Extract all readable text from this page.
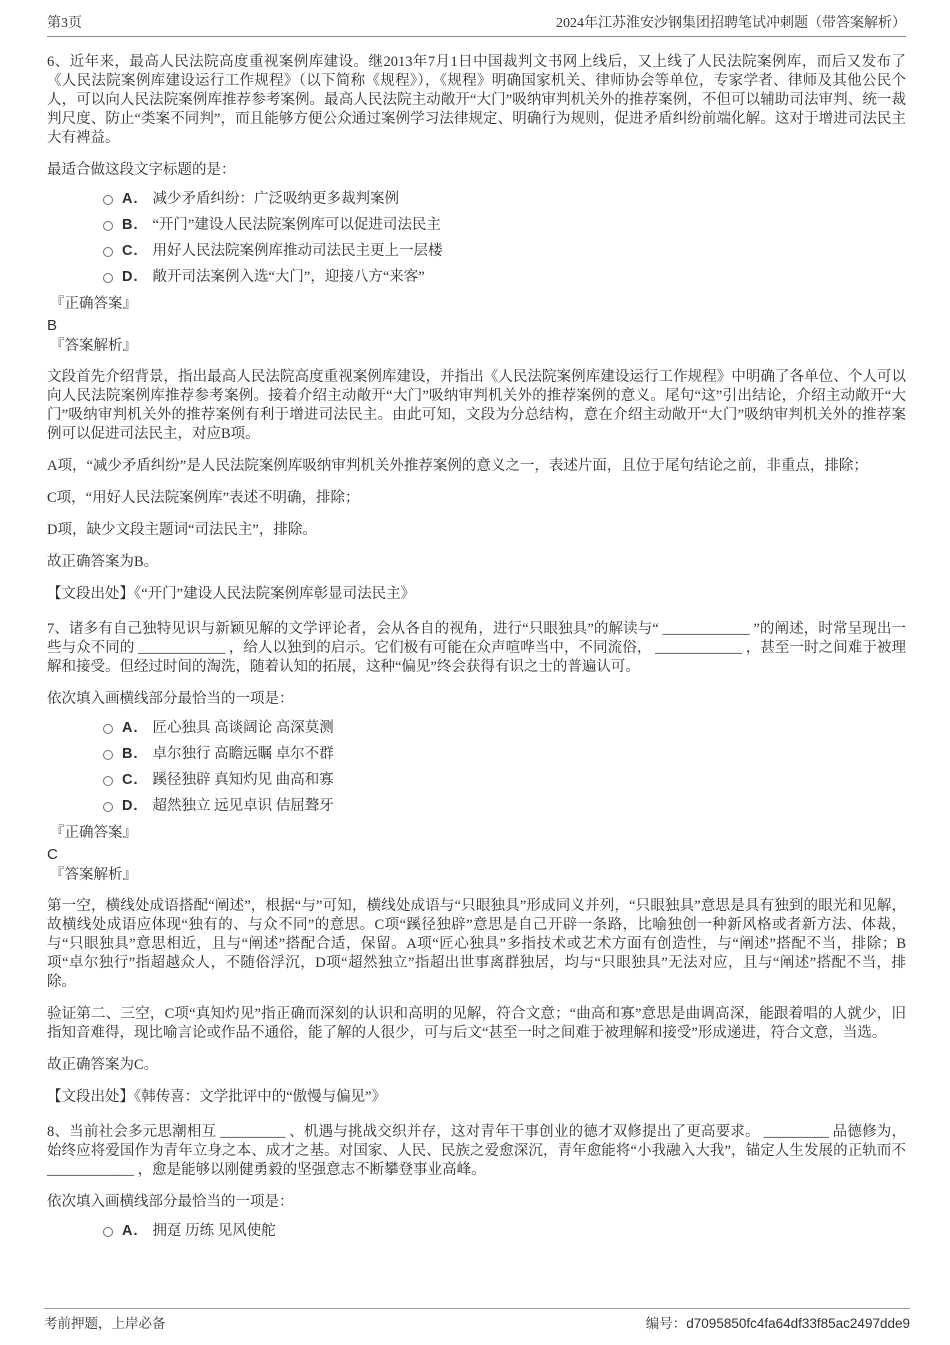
第3页	2024年江苏淮安沙钢集团招聘笔试冲刺题（带答案解析）

6、近年来，最高人民法院高度重视案例库建设。继2013年7月1日中国裁判文书网上线后，又上线了人民法院案例库，而后又发布了《人民法院案例库建设运行工作规程》（以下简称《规程》），《规程》明确国家机关、律师协会等单位，专家学者、律师及其他公民个人，可以向人民法院案例库推荐参考案例。最高人民法院主动敞开“大门”吸纳审判机关外的推荐案例，不但可以辅助司法审判、统一裁判尺度、防止“类案不同判”，而且能够方便公众通过案例学习法律规定、明确行为规则，促进矛盾纠纷前端化解。这对于增进司法民主大有裨益。

最适合做这段文字标题的是：

A. 减少矛盾纠纷：广泛吸纳更多裁判案例
B. “开门”建设人民法院案例库可以促进司法民主
C. 用好人民法院案例库推动司法民主更上一层楼
D. 敞开司法案例入选“大门”，迎接八方“来客”

『正确答案』

B

『答案解析』

文段首先介绍背景，指出最高人民法院高度重视案例库建设，并指出《人民法院案例库建设运行工作规程》中明确了各单位、个人可以向人民法院案例库推荐参考案例。接着介绍主动敞开“大门”吸纳审判机关外的推荐案例的意义。尾句“这”引出结论，介绍主动敞开“大门”吸纳审判机关外的推荐案例有利于增进司法民主。由此可知，文段为分总结构，意在介绍主动敞开“大门”吸纳审判机关外的推荐案例可以促进司法民主，对应B项。

A项，“减少矛盾纠纷”是人民法院案例库吸纳审判机关外推荐案例的意义之一，表述片面，且位于尾句结论之前，非重点，排除；

C项，“用好人民法院案例库”表述不明确，排除；

D项，缺少文段主题词“司法民主”，排除。

故正确答案为B。

【文段出处】《“开门”建设人民法院案例库彰显司法民主》

7、诸多有自己独特见识与新颖见解的文学评论者，会从各自的视角，进行“只眼独具”的解读与“ ____________ ”的阐述，时常呈现出一些与众不同的 ____________ ，给人以独到的启示。它们极有可能在众声喧哗当中，不同流俗， ____________ ，甚至一时之间难于被理解和接受。但经过时间的淘洗，随着认知的拓展，这种“偏见”终会获得有识之士的普遍认可。

依次填入画横线部分最恰当的一项是：

A. 匠心独具 高谈阔论 高深莫测
B. 卓尔独行 高瞻远瞩 卓尔不群
C. 蹊径独辟 真知灼见 曲高和寡
D. 超然独立 远见卓识 佶屈聱牙

『正确答案』

C

『答案解析』

第一空，横线处成语搭配“阐述”，根据“与”可知，横线处成语与“只眼独具”形成同义并列，“只眼独具”意思是具有独到的眼光和见解，故横线处成语应体现“独有的、与众不同”的意思。C项“蹊径独辟”意思是自己开辟一条路，比喻独创一种新风格或者新方法、体裁，与“只眼独具”意思相近，且与“阐述”搭配合适，保留。A项“匠心独具”多指技术或艺术方面有创造性，与“阐述”搭配不当，排除；B项“卓尔独行”指超越众人，不随俗浮沉，D项“超然独立”指超出世事离群独居，均与“只眼独具”无法对应，且与“阐述”搭配不当，排除。

验证第二、三空，C项“真知灼见”指正确而深刻的认识和高明的见解，符合文意；“曲高和寡”意思是曲调高深，能跟着唱的人就少，旧指知音难得，现比喻言论或作品不通俗，能了解的人很少，可与后文“甚至一时之间难于被理解和接受”形成递进，符合文意，当选。

故正确答案为C。

【文段出处】《韩传喜：文学批评中的“傲慢与偏见”》

8、当前社会多元思潮相互 _________ 、机遇与挑战交织并存，这对青年干事创业的德才双修提出了更高要求。 _________ 品德修为，始终应将爱国作为青年立身之本、成才之基。对国家、人民、民族之爱愈深沉，青年愈能将“小我融入大我”，锚定人生发展的正轨而不 ____________ ，愈是能够以刚健勇毅的坚强意志不断攀登事业高峰。

依次填入画横线部分最恰当的一项是：

A. 拥趸 历练 见风使舵
考前押题，上岸必备	编号：d7095850fc4fa64df33f85ac2497dde9
